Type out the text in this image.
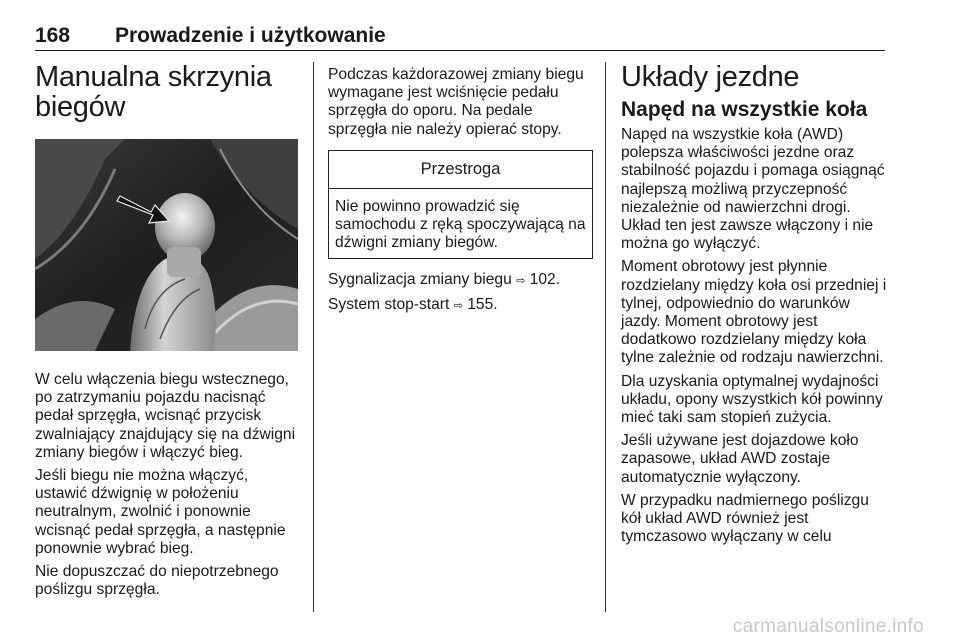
168 Prowadzenie i użytkowanie
Manualna skrzynia biegów

W celu włączenia biegu wstecznego, po zatrzymaniu pojazdu nacisnąć pedał sprzęgła, wcisnąć przycisk zwalniający znajdujący się na dźwigni zmiany biegów i włączyć bieg.

Jeśli biegu nie można włączyć, ustawić dźwignię w położeniu neutralnym, zwolnić i ponownie wcisnąć pedał sprzęgła, a następnie ponownie wybrać bieg.

Nie dopuszczać do niepotrzebnego poślizgu sprzęgła.

Podczas każdorazowej zmiany biegu wymagane jest wciśnięcie pedału sprzęgła do oporu. Na pedale sprzęgła nie należy opierać stopy.

Przestroga
Nie powinno prowadzić się samochodu z ręką spoczywającą na dźwigni zmiany biegów.

Sygnalizacja zmiany biegu ⇨ 102.

System stop-start ⇨ 155.

Układy jezdne
Napęd na wszystkie koła

Napęd na wszystkie koła (AWD) polepsza właściwości jezdne oraz stabilność pojazdu i pomaga osiągnąć najlepszą możliwą przyczepność niezależnie od nawierzchni drogi. Układ ten jest zawsze włączony i nie można go wyłączyć.

Moment obrotowy jest płynnie rozdzielany między koła osi przedniej i tylnej, odpowiednio do warunków jazdy. Moment obrotowy jest dodatkowo rozdzielany między koła tylne zależnie od rodzaju nawierzchni.

Dla uzyskania optymalnej wydajności układu, opony wszystkich kół powinny mieć taki sam stopień zużycia.

Jeśli używane jest dojazdowe koło zapasowe, układ AWD zostaje automatycznie wyłączony.

W przypadku nadmiernego poślizgu kół układ AWD również jest tymczasowo wyłączany w celu

carmanualsonline.info
